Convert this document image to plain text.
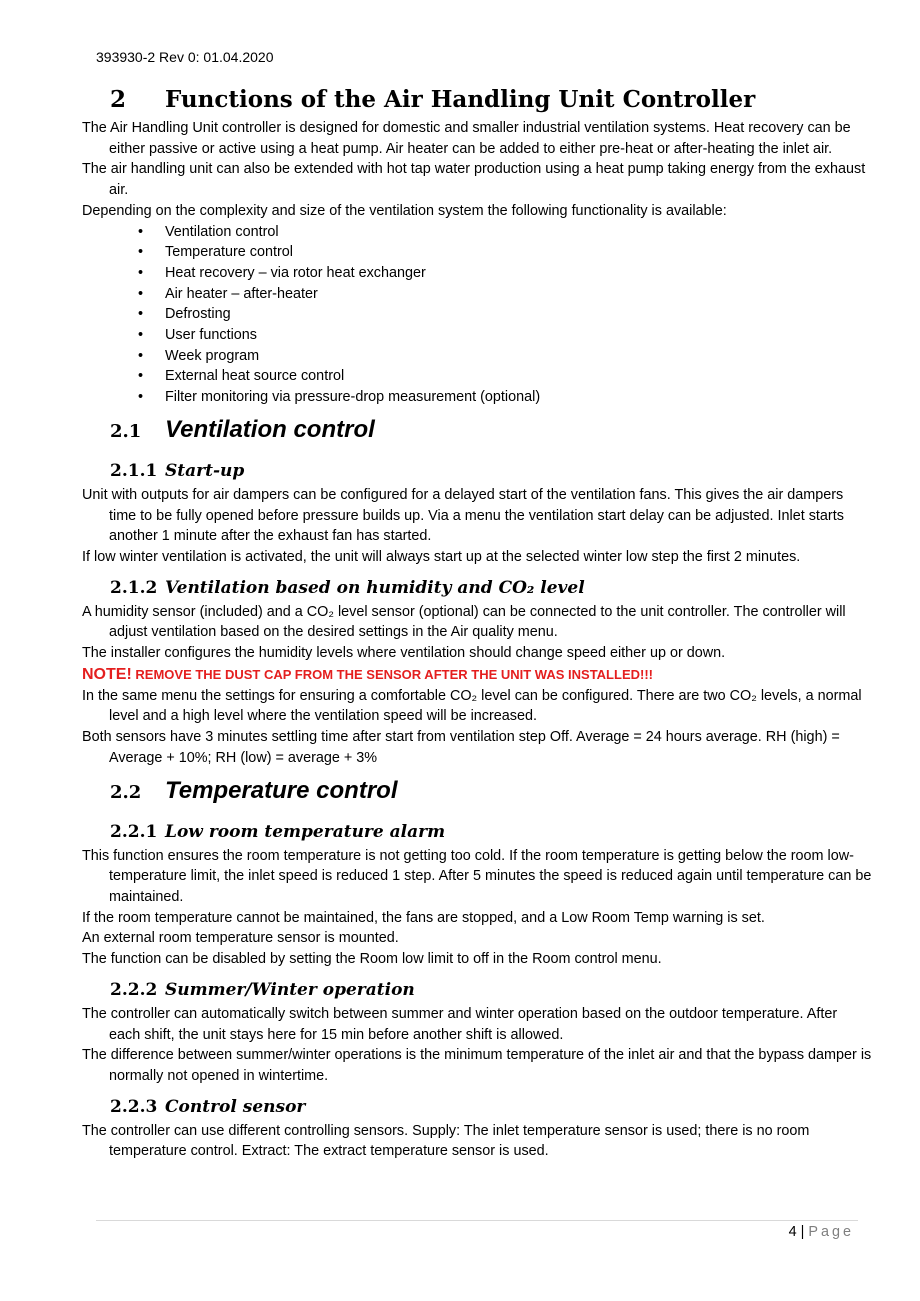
393930-2 Rev 0: 01.04.2020
2 Functions of the Air Handling Unit Controller

The Air Handling Unit controller is designed for domestic and smaller industrial ventilation systems. Heat recovery can be either passive or active using a heat pump. Air heater can be added to either pre-heat or after-heating the inlet air.

The air handling unit can also be extended with hot tap water production using a heat pump taking energy from the exhaust air.

Depending on the complexity and size of the ventilation system the following functionality is available:

• Ventilation control
• Temperature control
• Heat recovery – via rotor heat exchanger
• Air heater – after-heater
• Defrosting
• User functions
• Week program
• External heat source control
• Filter monitoring via pressure-drop measurement (optional)
2.1 Ventilation control
2.1.1 Start-up

Unit with outputs for air dampers can be configured for a delayed start of the ventilation fans. This gives the air dampers time to be fully opened before pressure builds up. Via a menu the ventilation start delay can be adjusted. Inlet starts another 1 minute after the exhaust fan has started.

If low winter ventilation is activated, the unit will always start up at the selected winter low step the first 2 minutes.

2.1.2 Ventilation based on humidity and CO₂ level

A humidity sensor (included) and a CO₂ level sensor (optional) can be connected to the unit controller. The controller will adjust ventilation based on the desired settings in the Air quality menu.

The installer configures the humidity levels where ventilation should change speed either up or down.

NOTE! REMOVE THE DUST CAP FROM THE SENSOR AFTER THE UNIT WAS INSTALLED!!!

In the same menu the settings for ensuring a comfortable CO₂ level can be configured. There are two CO₂ levels, a normal level and a high level where the ventilation speed will be increased.

Both sensors have 3 minutes settling time after start from ventilation step Off. Average = 24 hours average. RH (high) = Average + 10%; RH (low) = average + 3%

2.2 Temperature control
2.2.1 Low room temperature alarm

This function ensures the room temperature is not getting too cold. If the room temperature is getting below the room low-temperature limit, the inlet speed is reduced 1 step. After 5 minutes the speed is reduced again until temperature can be maintained.

If the room temperature cannot be maintained, the fans are stopped, and a Low Room Temp warning is set.

An external room temperature sensor is mounted.

The function can be disabled by setting the Room low limit to off in the Room control menu.

2.2.2 Summer/Winter operation

The controller can automatically switch between summer and winter operation based on the outdoor temperature. After each shift, the unit stays here for 15 min before another shift is allowed.

The difference between summer/winter operations is the minimum temperature of the inlet air and that the bypass damper is normally not opened in wintertime.

2.2.3 Control sensor

The controller can use different controlling sensors. Supply: The inlet temperature sensor is used; there is no room temperature control. Extract: The extract temperature sensor is used.

4 | Page
